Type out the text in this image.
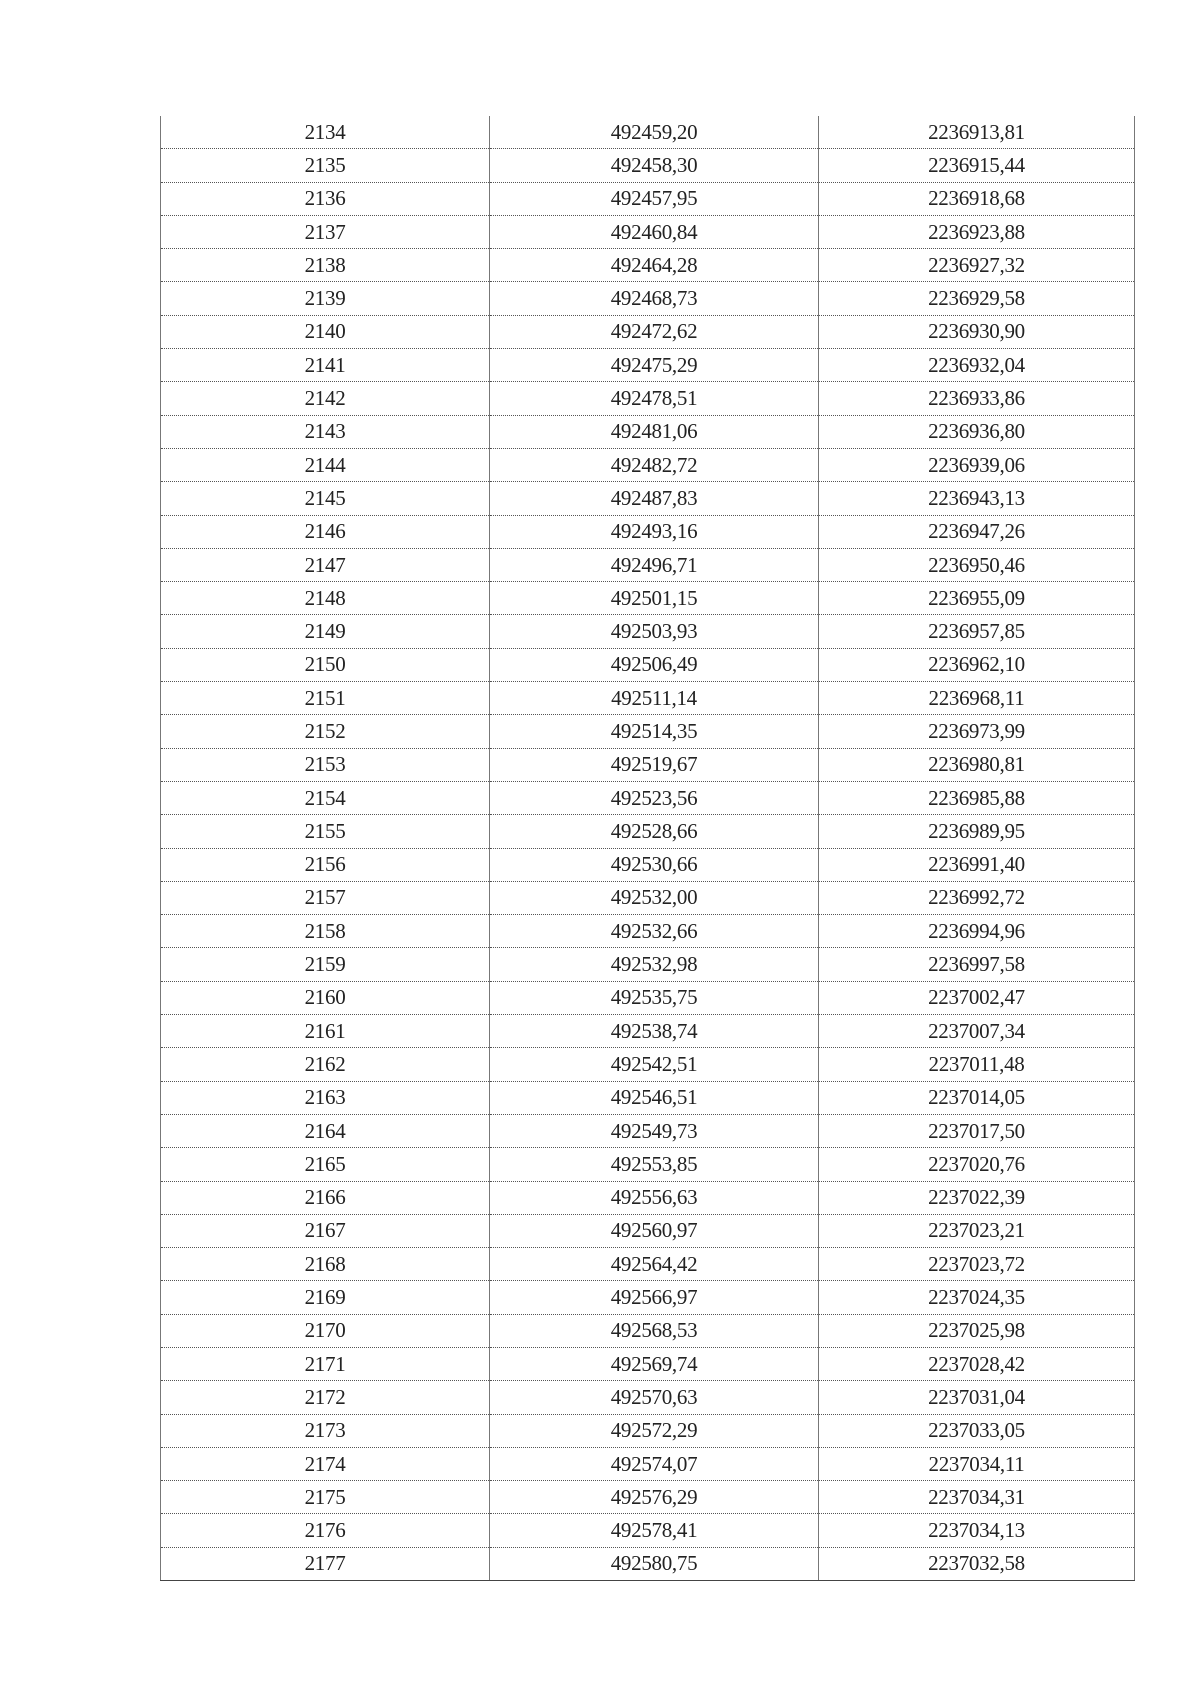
2134	492459,20	2236913,81
2135	492458,30	2236915,44
2136	492457,95	2236918,68
2137	492460,84	2236923,88
2138	492464,28	2236927,32
2139	492468,73	2236929,58
2140	492472,62	2236930,90
2141	492475,29	2236932,04
2142	492478,51	2236933,86
2143	492481,06	2236936,80
2144	492482,72	2236939,06
2145	492487,83	2236943,13
2146	492493,16	2236947,26
2147	492496,71	2236950,46
2148	492501,15	2236955,09
2149	492503,93	2236957,85
2150	492506,49	2236962,10
2151	492511,14	2236968,11
2152	492514,35	2236973,99
2153	492519,67	2236980,81
2154	492523,56	2236985,88
2155	492528,66	2236989,95
2156	492530,66	2236991,40
2157	492532,00	2236992,72
2158	492532,66	2236994,96
2159	492532,98	2236997,58
2160	492535,75	2237002,47
2161	492538,74	2237007,34
2162	492542,51	2237011,48
2163	492546,51	2237014,05
2164	492549,73	2237017,50
2165	492553,85	2237020,76
2166	492556,63	2237022,39
2167	492560,97	2237023,21
2168	492564,42	2237023,72
2169	492566,97	2237024,35
2170	492568,53	2237025,98
2171	492569,74	2237028,42
2172	492570,63	2237031,04
2173	492572,29	2237033,05
2174	492574,07	2237034,11
2175	492576,29	2237034,31
2176	492578,41	2237034,13
2177	492580,75	2237032,58
